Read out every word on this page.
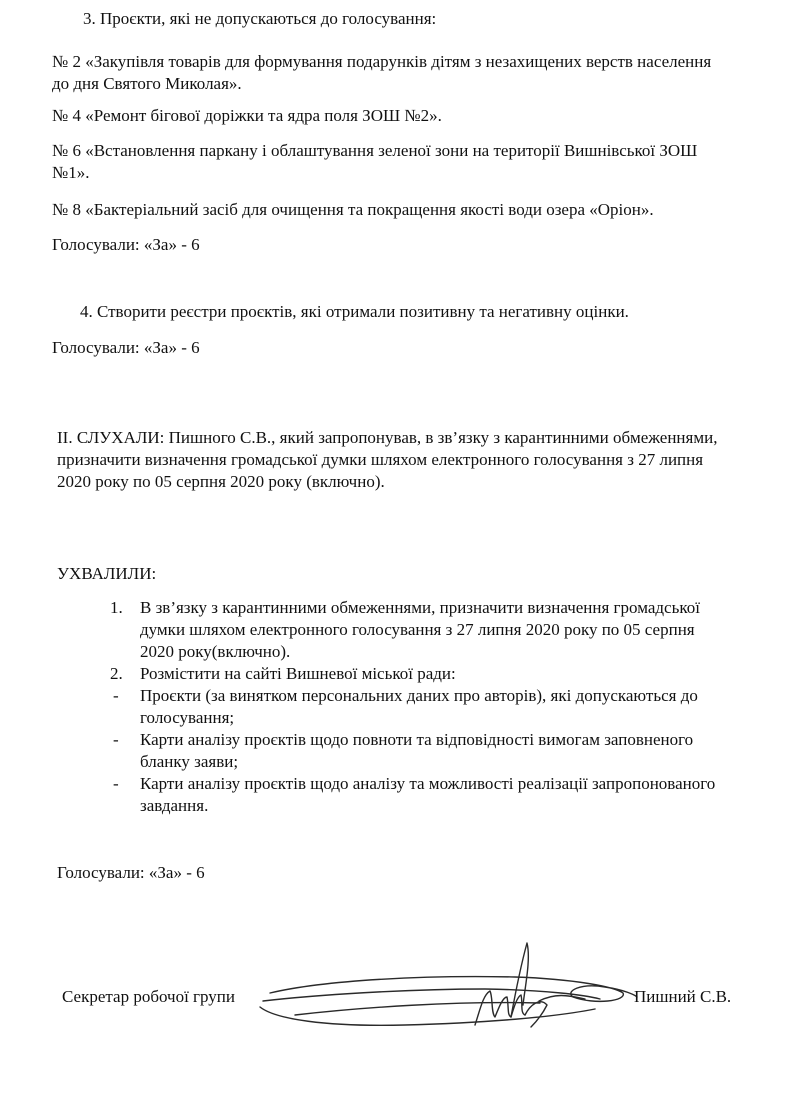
3. Проєкти, які не допускаються до голосування:

№ 2 «Закупівля товарів для формування подарунків дітям з незахищених верств населення

до дня Святого Миколая».

№ 4 «Ремонт бігової доріжки та ядра поля ЗОШ №2».

№ 6 «Встановлення паркану і облаштування зеленої зони на території Вишнівської ЗОШ

№1».

№ 8 «Бактеріальний засіб для очищення та покращення якості води озера «Оріон».

Голосували: «За» - 6

4. Створити реєстри проєктів, які отримали позитивну та негативну оцінки.

Голосували: «За» - 6

II. СЛУХАЛИ: Пишного С.В., який запропонував, в зв’язку з карантинними обмеженнями,

призначити визначення громадської думки шляхом електронного голосування з 27 липня

2020 року по 05 серпня 2020 року (включно).

УХВАЛИЛИ:

1. В зв’язку з карантинними обмеженнями, призначити визначення громадської

думки шляхом електронного голосування з 27 липня 2020 року по 05 серпня

2020 року(включно).

2. Розмістити на сайті Вишневої міської ради:

- Проєкти (за винятком персональних даних про авторів), які допускаються до

голосування;

- Карти аналізу проєктів щодо повноти та відповідності вимогам заповненого

бланку заяви;

- Карти аналізу проєктів щодо аналізу та можливості реалізації запропонованого

завдання.

Голосували: «За» - 6

Секретар робочої групи	Пишний С.В.
